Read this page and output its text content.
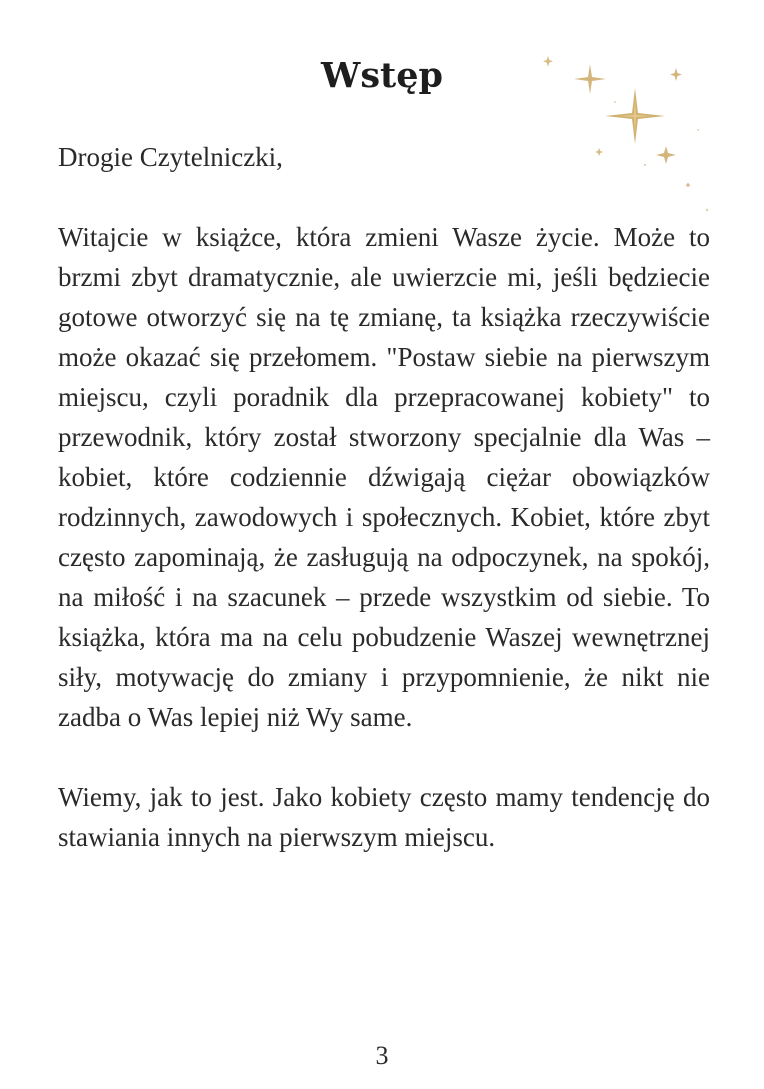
Wstęp

Drogie Czytelniczki,

Witajcie w książce, która zmieni Wasze życie. Może to brzmi zbyt dramatycznie, ale uwierzcie mi, jeśli będziecie gotowe otworzyć się na tę zmianę, ta książka rzeczywiście może okazać się przełomem. "Postaw siebie na pierwszym miejscu, czyli poradnik dla przepracowanej kobiety" to przewodnik, który został stworzony specjalnie dla Was – kobiet, które codziennie dźwigają ciężar obowiązków rodzinnych, zawodowych i społecznych. Kobiet, które zbyt często zapominają, że zasługują na odpoczynek, na spokój, na miłość i na szacunek – przede wszystkim od siebie. To książka, która ma na celu pobudzenie Waszej wewnętrznej siły, motywację do zmiany i przypomnienie, że nikt nie zadba o Was lepiej niż Wy same.

Wiemy, jak to jest. Jako kobiety często mamy tendencję do stawiania innych na pierwszym miejscu.

3
